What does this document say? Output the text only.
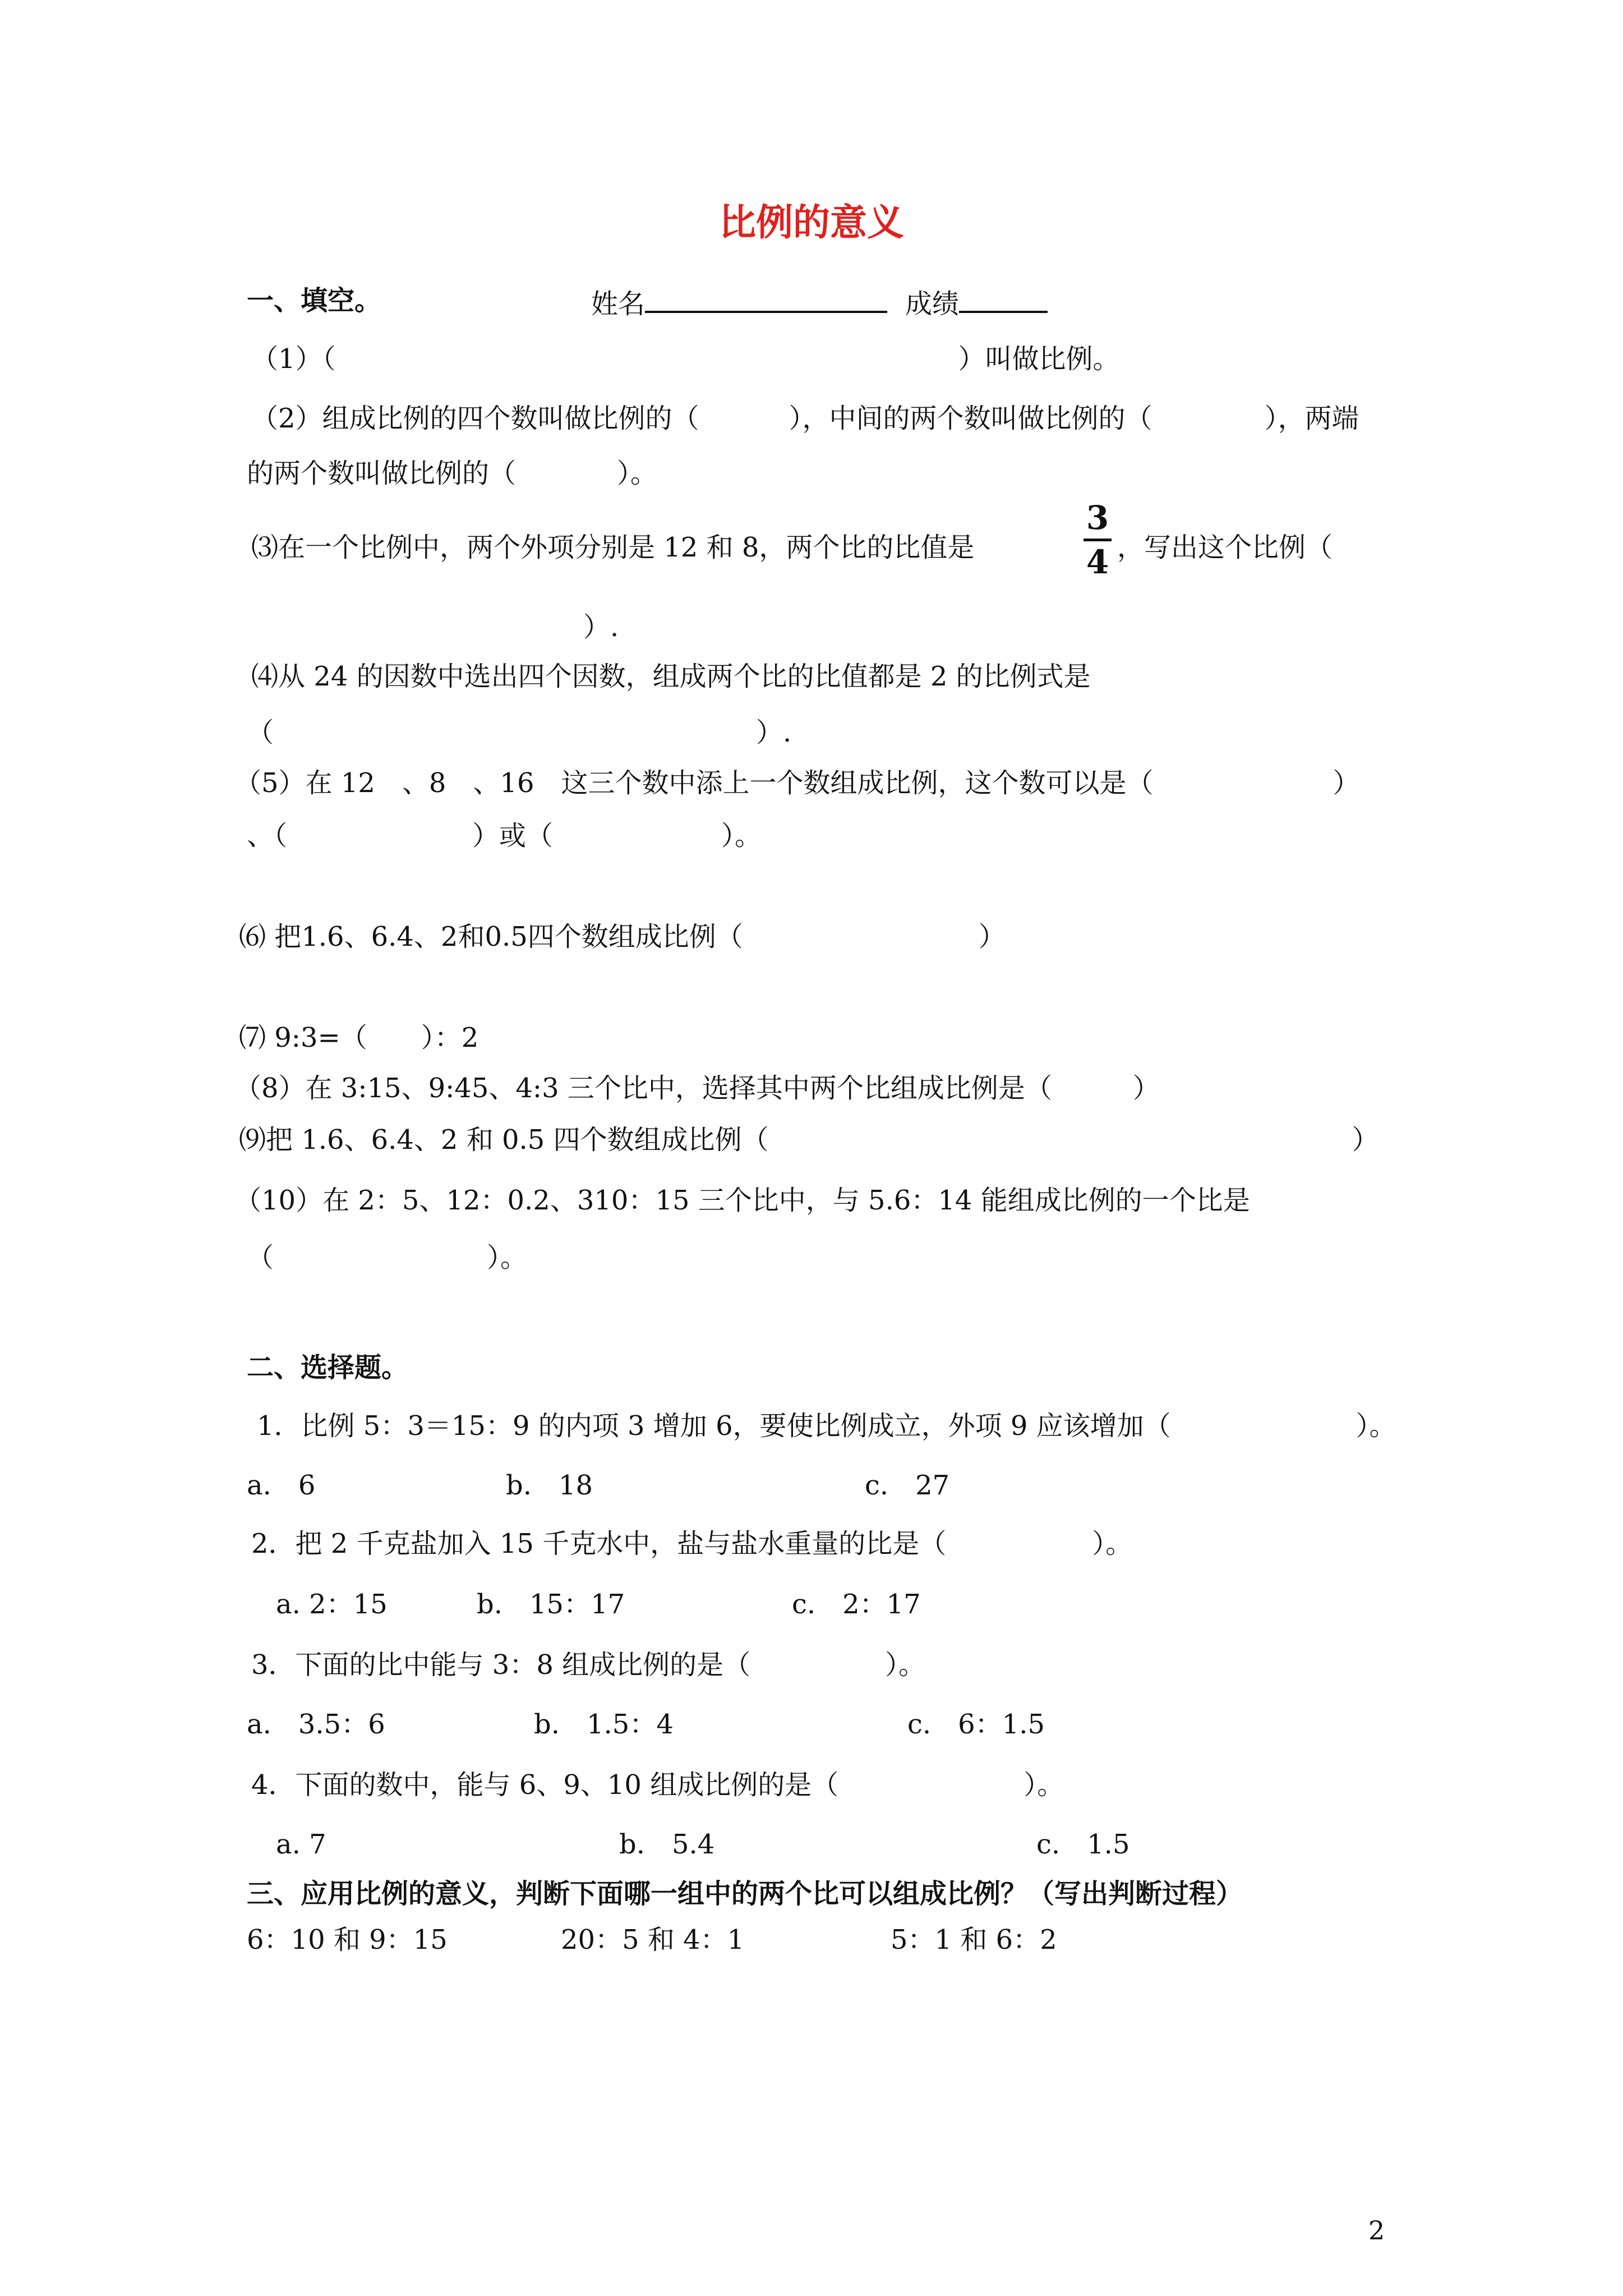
比例的意义
一、填空。	姓名	成绩
（1）（	）叫做比例。
（2）组成比例的四个数叫做比例的（	），中间的两个数叫做比例的（	），两端
的两个数叫做比例的（	）。
⑶在一个比例中，两个外项分别是 12 和 8，两个比的比值是
3
4 ，写出这个比例（
）.
⑷从 24 的因数中选出四个因数，组成两个比的比值都是 2 的比例式是
（	）.
（5）在 12　、8　、16　这三个数中添上一个数组成比例，这个数可以是（	）
、（	）或（	）。
⑹ 把1.6、6.4、2和0.5四个数组成比例（	）
⑺ 9:3=（　　）：2
（8）在 3:15、9:45、4:3 三个比中，选择其中两个比组成比例是（　　　）
⑼把 1.6、6.4、2 和 0.5 四个数组成比例（	）
（10）在 2：5、12：0.2、310：15 三个比中，与 5.6：14 能组成比例的一个比是
（	）。
二、选择题。
1．比例 5：3＝15：9 的内项 3 增加 6，要使比例成立，外项 9 应该增加（	）。
a.　6	b.　18	c.　27
2．把 2 千克盐加入 15 千克水中，盐与盐水重量的比是（	）。
a. 2：15	b.　15：17	c.　2：17
3．下面的比中能与 3：8 组成比例的是（	）。
a.　3.5：6	b.　1.5：4	c.　6：1.5
4．下面的数中，能与 6、9、10 组成比例的是（	）。
a. 7	b.　5.4	c.　1.5
三、应用比例的意义，判断下面哪一组中的两个比可以组成比例？（写出判断过程）
6：10 和 9：15	20：5 和 4：1	5：1 和 6：2
2
